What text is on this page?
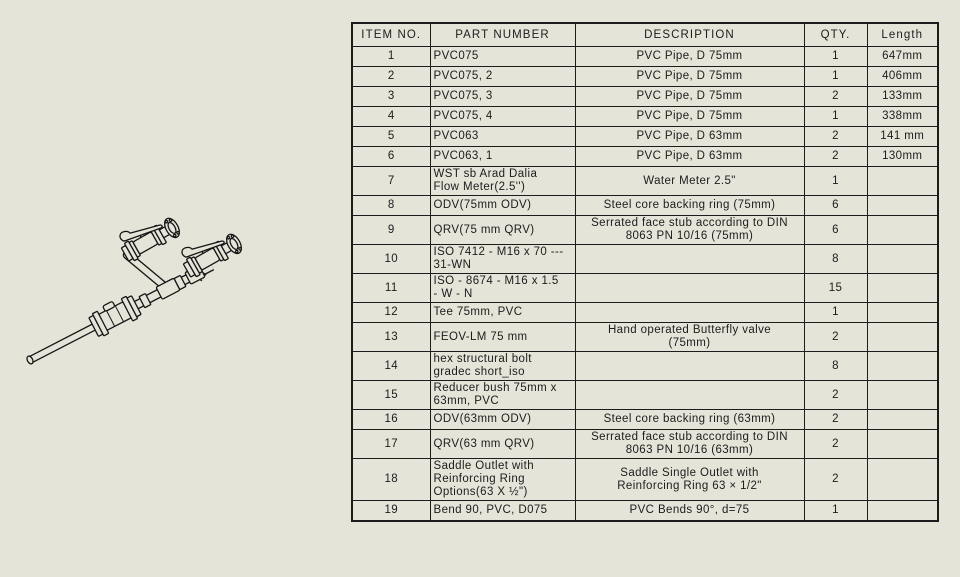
ITEM NO.	PART NUMBER	DESCRIPTION	QTY.	Length
1	PVC075	PVC Pipe, D 75mm	1	647mm
2	PVC075, 2	PVC Pipe, D 75mm	1	406mm
3	PVC075, 3	PVC Pipe, D 75mm	2	133mm
4	PVC075, 4	PVC Pipe, D 75mm	1	338mm
5	PVC063	PVC Pipe, D 63mm	2	141 mm
6	PVC063, 1	PVC Pipe, D 63mm	2	130mm
7	WST sb Arad Dalia Flow Meter(2.5'')	Water Meter 2.5"	1	
8	ODV(75mm ODV)	Steel core backing ring (75mm)	6	
9	QRV(75 mm QRV)	Serrated face stub according to DIN 8063 PN 10/16 (75mm)	6	
10	ISO 7412 - M16 x 70 --- 31-WN		8	
11	ISO - 8674 - M16 x 1.5 - W - N		15	
12	Tee 75mm, PVC		1	
13	FEOV-LM 75 mm	Hand operated Butterfly valve (75mm)	2	
14	hex structural bolt gradec short_iso		8	
15	Reducer bush 75mm x 63mm, PVC		2	
16	ODV(63mm ODV)	Steel core backing ring (63mm)	2	
17	QRV(63 mm QRV)	Serrated face stub according to DIN 8063 PN 10/16 (63mm)	2	
18	Saddle Outlet with Reinforcing Ring Options(63 X ½")	Saddle Single Outlet with Reinforcing Ring 63 × 1/2"	2	
19	Bend 90, PVC, D075	PVC Bends 90°, d=75	1	
